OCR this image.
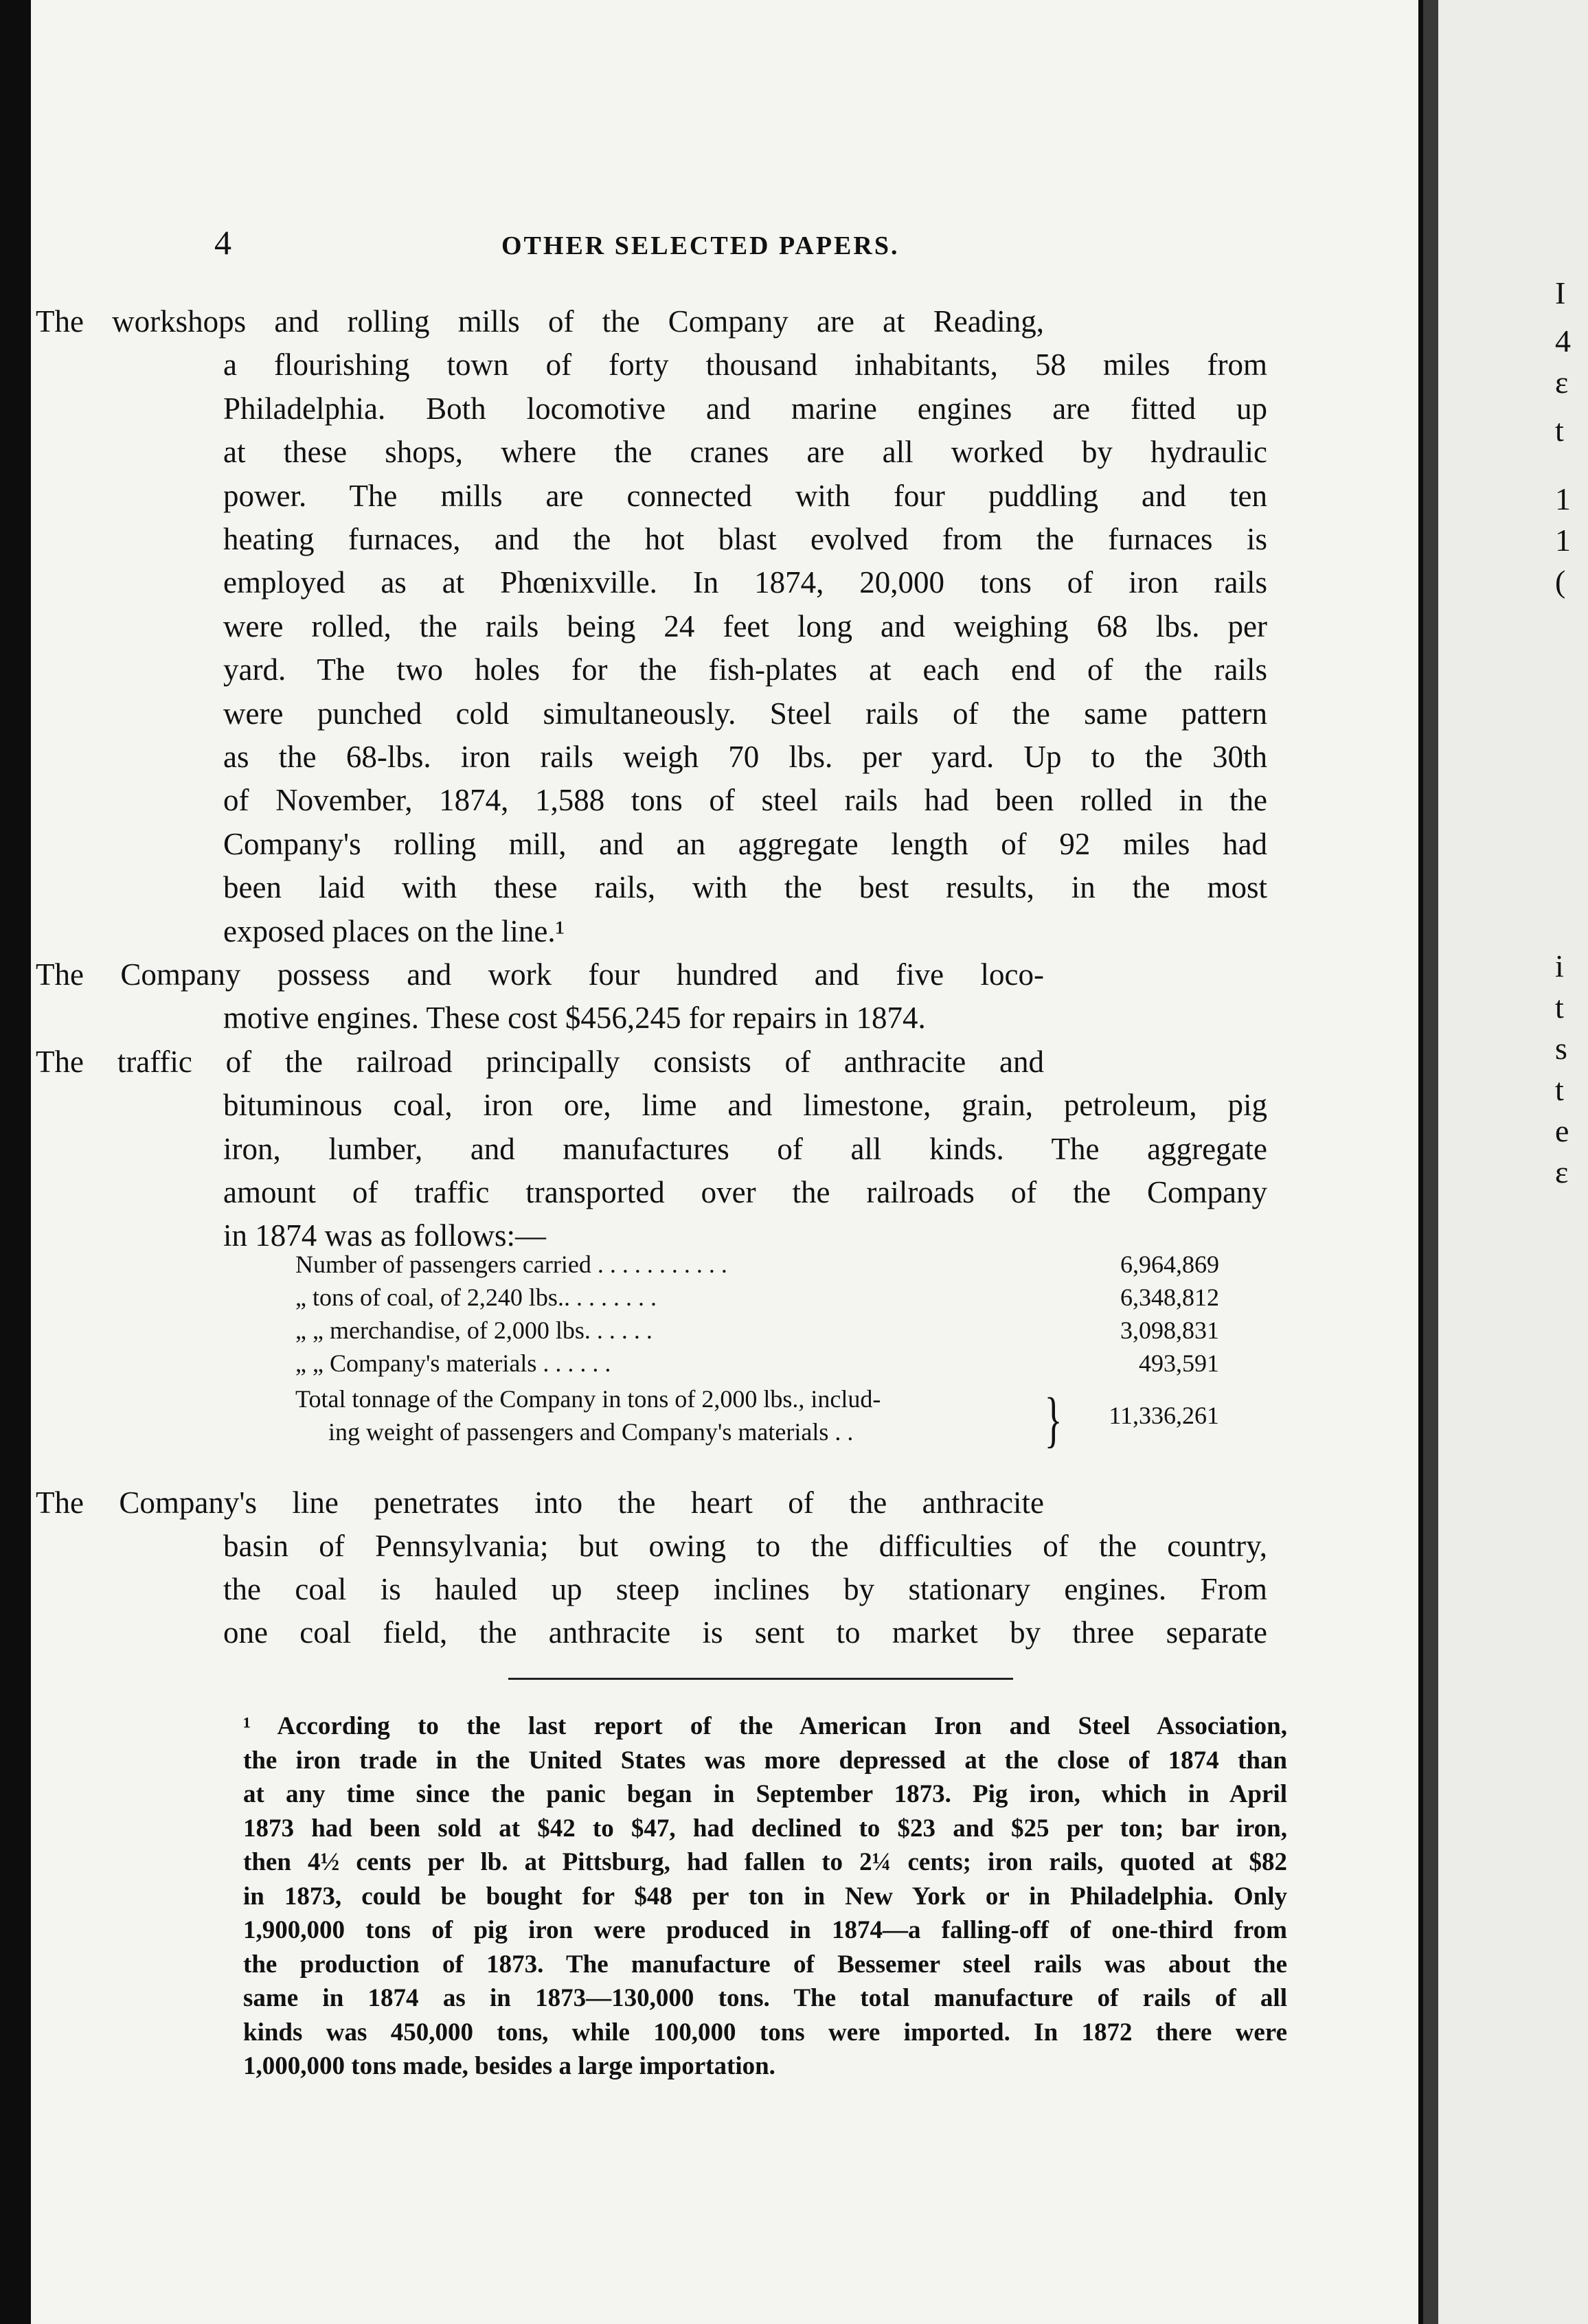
I
4
ε
t
1
1
(
i
t
s
t
e
ε
4	OTHER SELECTED PAPERS.
The workshops and rolling mills of the Company are at Reading,
a flourishing town of forty thousand inhabitants, 58 miles from
Philadelphia. Both locomotive and marine engines are fitted up
at these shops, where the cranes are all worked by hydraulic
power. The mills are connected with four puddling and ten
heating furnaces, and the hot blast evolved from the furnaces is
employed as at Phœnixville. In 1874, 20,000 tons of iron rails
were rolled, the rails being 24 feet long and weighing 68 lbs. per
yard. The two holes for the fish-plates at each end of the rails
were punched cold simultaneously. Steel rails of the same pattern
as the 68-lbs. iron rails weigh 70 lbs. per yard. Up to the 30th
of November, 1874, 1,588 tons of steel rails had been rolled in the
Company's rolling mill, and an aggregate length of 92 miles had
been laid with these rails, with the best results, in the most
exposed places on the line.¹
The Company possess and work four hundred and five loco-
motive engines. These cost $456,245 for repairs in 1874.
The traffic of the railroad principally consists of anthracite and
bituminous coal, iron ore, lime and limestone, grain, petroleum, pig
iron, lumber, and manufactures of all kinds. The aggregate
amount of traffic transported over the railroads of the Company
in 1874 was as follows:—
Number of passengers carried . . . . . . . . . . .	6,964,869
„ tons of coal, of 2,240 lbs.. . . . . . . .	6,348,812
„ „ merchandise, of 2,000 lbs. . . . . .	3,098,831
„ „ Company's materials . . . . . .	493,591
Total tonnage of the Company in tons of 2,000 lbs., includ-
ing weight of passengers and Company's materials . .
11,336,261
}
The Company's line penetrates into the heart of the anthracite
basin of Pennsylvania; but owing to the difficulties of the country,
the coal is hauled up steep inclines by stationary engines. From
one coal field, the anthracite is sent to market by three separate
¹ According to the last report of the American Iron and Steel Association,
the iron trade in the United States was more depressed at the close of 1874 than
at any time since the panic began in September 1873. Pig iron, which in April
1873 had been sold at $42 to $47, had declined to $23 and $25 per ton; bar iron,
then 4½ cents per lb. at Pittsburg, had fallen to 2¼ cents; iron rails, quoted at $82
in 1873, could be bought for $48 per ton in New York or in Philadelphia. Only
1,900,000 tons of pig iron were produced in 1874—a falling-off of one-third from
the production of 1873. The manufacture of Bessemer steel rails was about the
same in 1874 as in 1873—130,000 tons. The total manufacture of rails of all
kinds was 450,000 tons, while 100,000 tons were imported. In 1872 there were
1,000,000 tons made, besides a large importation.
